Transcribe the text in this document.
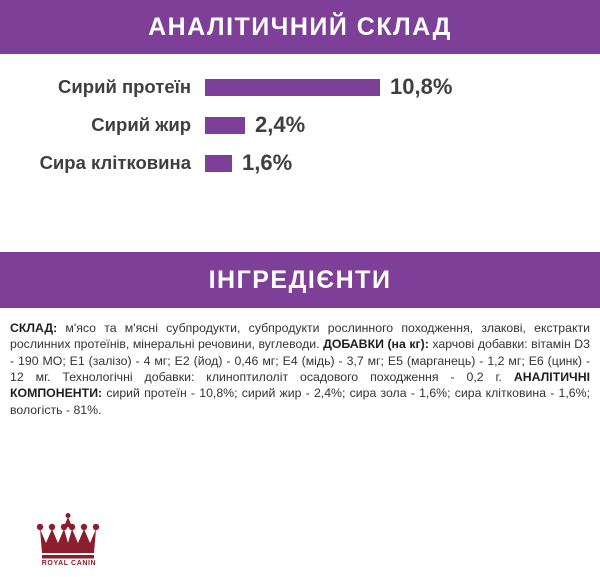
АНАЛІТИЧНИЙ СКЛАД
Сирий протеїн	10,8%
Сирий жир	2,4%
Сира клітковина	1,6%
ІНГРЕДІЄНТИ
СКЛАД: м'ясо та м'ясні субпродукти, субпродукти рослинного походження, злакові, екстракти рослинних протеїнів, мінеральні речовини, вуглеводи. ДОБАВКИ (на кг): харчові добавки: вітамін D3 - 190 МО; Е1 (залізо) - 4 мг; Е2 (йод) - 0,46 мг; Е4 (мідь) - 3,7 мг; Е5 (марганець) - 1,2 мг; Е6 (цинк) - 12 мг. Технологічні добавки: клиноптилоліт осадового походження - 0,2 г. АНАЛІТИЧНІ КОМПОНЕНТИ: сирий протеїн - 10,8%; сирий жир - 2,4%; сира зола - 1,6%; сира клітковина - 1,6%; вологість - 81%.
ROYAL CANIN
